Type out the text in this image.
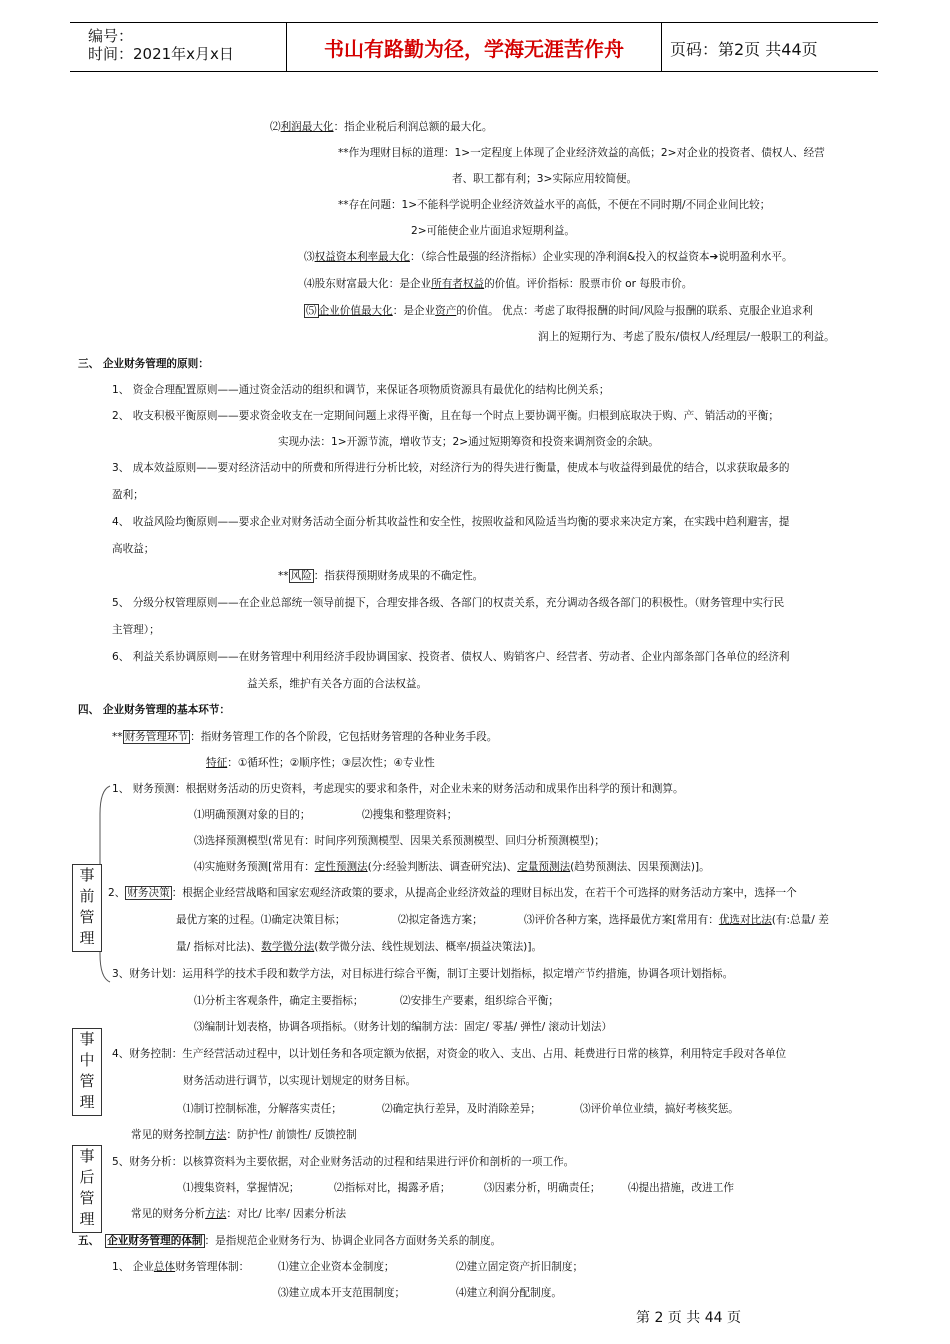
编号：
时间：2021年x月x日	书山有路勤为径，学海无涯苦作舟	页码：第2页 共44页
⑵利润最大化：指企业税后利润总额的最大化。
**作为理财目标的道理：1>一定程度上体现了企业经济效益的高低；2>对企业的投资者、债权人、经营
者、职工都有利；3>实际应用较简便。
**存在问题：1>不能科学说明企业经济效益水平的高低，不便在不同时期/不同企业间比较；
2>可能使企业片面追求短期利益。
⑶权益资本利率最大化：（综合性最强的经济指标）企业实现的净利润&投入的权益资本➔说明盈利水平。
⑷股东财富最大化：是企业所有者权益的价值。评价指标：股票市价 or 每股市价。
⑸ 企业价值最大化：是企业资产的价值。 优点：考虑了取得报酬的时间/风险与报酬的联系、克服企业追求利
润上的短期行为、考虑了股东/债权人/经理层/一般职工的利益。
三、 企业财务管理的原则：
1、 资金合理配置原则——通过资金活动的组织和调节，来保证各项物质资源具有最优化的结构比例关系；
2、 收支积极平衡原则——要求资金收支在一定期间问题上求得平衡，且在每一个时点上要协调平衡。归根到底取决于购、产、销活动的平衡；
实现办法：1>开源节流，增收节支；2>通过短期筹资和投资来调剂资金的余缺。
3、 成本效益原则——要对经济活动中的所费和所得进行分析比较，对经济行为的得失进行衡量，使成本与收益得到最优的结合，以求获取最多的
盈利；
4、 收益风险均衡原则——要求企业对财务活动全面分析其收益性和安全性，按照收益和风险适当均衡的要求来决定方案，在实践中趋利避害，提
高收益；
** 风险 ：指获得预期财务成果的不确定性。
5、 分级分权管理原则——在企业总部统一领导前提下，合理安排各级、各部门的权责关系，充分调动各级各部门的积极性。（财务管理中实行民
主管理）；
6、 利益关系协调原则——在财务管理中利用经济手段协调国家、投资者、债权人、购销客户、经营者、劳动者、企业内部条部门各单位的经济利
益关系，维护有关各方面的合法权益。
四、 企业财务管理的基本环节：
** 财务管理环节 ：指财务管理工作的各个阶段，它包括财务管理的各种业务手段。
特征：①循环性；②顺序性；③层次性；④专业性
1、 财务预测：根据财务活动的历史资料，考虑现实的要求和条件，对企业未来的财务活动和成果作出科学的预计和测算。
⑴明确预测对象的目的；	⑵搜集和整理资料；
⑶选择预测模型(常见有：时间序列预测模型、因果关系预测模型、回归分析预测模型)；
⑷实施财务预测[常用有：定性预测法(分:经验判断法、调查研究法)、定量预测法(趋势预测法、因果预测法)]。
2、 财务决策 ：根据企业经营战略和国家宏观经济政策的要求，从提高企业经济效益的理财目标出发，在若干个可选择的财务活动方案中，选择一个
最优方案的过程。⑴确定决策目标；	⑵拟定备选方案；	⑶评价各种方案，选择最优方案[常用有：优选对比法(有:总量/ 差
量/ 指标对比法)、数学微分法(数学微分法、线性规划法、概率/损益决策法)]。
3、财务计划：运用科学的技术手段和数学方法，对目标进行综合平衡，制订主要计划指标，拟定增产节约措施，协调各项计划指标。
⑴分析主客观条件，确定主要指标；	⑵安排生产要素，组织综合平衡；
⑶编制计划表格，协调各项指标。（财务计划的编制方法：固定/ 零基/ 弹性/ 滚动计划法）
4、财务控制：生产经营活动过程中，以计划任务和各项定额为依据，对资金的收入、支出、占用、耗费进行日常的核算，利用特定手段对各单位
财务活动进行调节，以实现计划规定的财务目标。
⑴制订控制标准，分解落实责任；	⑵确定执行差异，及时消除差异；	⑶评价单位业绩，搞好考核奖惩。
常见的财务控制方法：防护性/ 前馈性/ 反馈控制
5、财务分析：以核算资料为主要依据，对企业财务活动的过程和结果进行评价和剖析的一项工作。
⑴搜集资料，掌握情况；	⑵指标对比，揭露矛盾；	⑶因素分析，明确责任；	⑷提出措施，改进工作
常见的财务分析方法：对比/ 比率/ 因素分析法
事前管理
事中管理
事后管理
五、 企业财务管理的体制 ：是指规范企业财务行为、协调企业同各方面财务关系的制度。
1、 企业总体财务管理体制：	⑴建立企业资本金制度；	⑵建立固定资产折旧制度；
⑶建立成本开支范围制度；	⑷建立利润分配制度。
第 2 页 共 44 页
